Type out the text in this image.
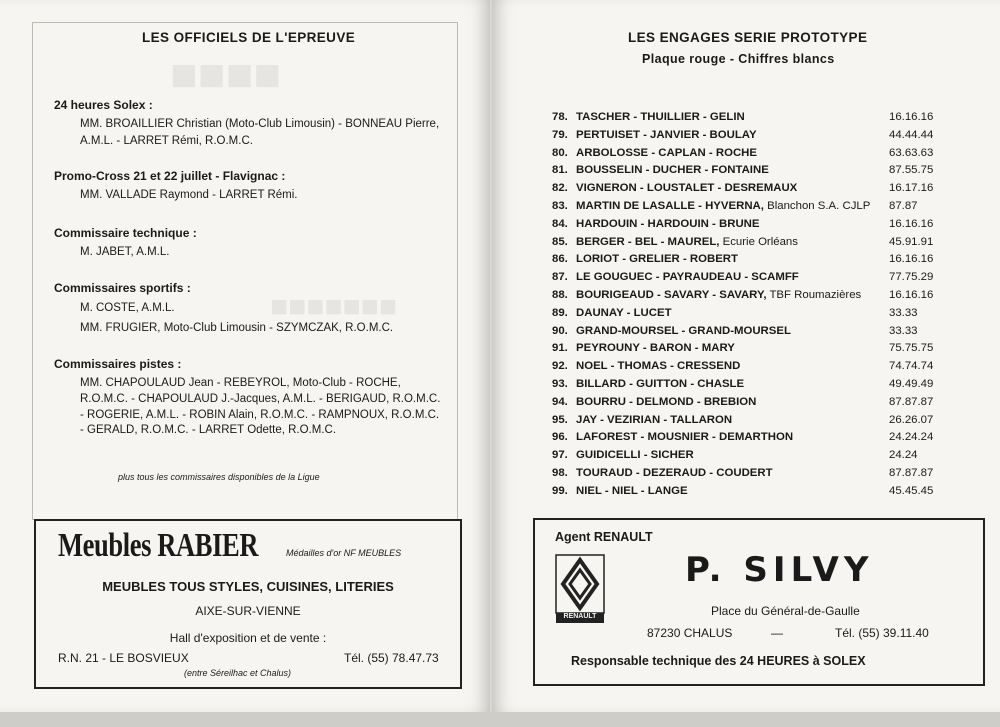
■■■■
■■■■■■■
LES OFFICIELS DE L'EPREUVE
24 heures Solex :
MM. BROAILLIER Christian (Moto-Club Limousin) - BONNEAU Pierre, A.M.L. - LARRET Rémi, R.O.M.C.
Promo-Cross 21 et 22 juillet - Flavignac :
MM. VALLADE Raymond - LARRET Rémi.
Commissaire technique :
M. JABET, A.M.L.
Commissaires sportifs :
M. COSTE, A.M.L.
MM. FRUGIER, Moto-Club Limousin - SZYMCZAK, R.O.M.C.
Commissaires pistes :
MM. CHAPOULAUD Jean - REBEYROL, Moto-Club - ROCHE, R.O.M.C. - CHAPOULAUD J.-Jacques, A.M.L. - BERIGAUD, R.O.M.C. - ROGERIE, A.M.L. - ROBIN Alain, R.O.M.C. - RAMPNOUX, R.O.M.C. - GERALD, R.O.M.C. - LARRET Odette, R.O.M.C.
plus tous les commissaires disponibles de la Ligue
Meubles RABIER	Médailles d'or NF MEUBLES
MEUBLES TOUS STYLES, CUISINES, LITERIES
AIXE-SUR-VIENNE
Hall d'exposition et de vente :
R.N. 21 - LE BOSVIEUX	Tél. (55) 78.47.73
(entre Séreilhac et Chalus)
LES ENGAGES SERIE PROTOTYPE
Plaque rouge - Chiffres blancs
Agent RENAULT
RENAULT
P. SILVY
Place du Général-de-Gaulle
87230 CHALUS	—	Tél. (55) 39.11.40
Responsable technique des 24 HEURES à SOLEX
78. TASCHER - THUILLIER - GELIN	16.16.16
79. PERTUISET - JANVIER - BOULAY	44.44.44
80. ARBOLOSSE - CAPLAN - ROCHE	63.63.63
81. BOUSSELIN - DUCHER - FONTAINE	87.55.75
82. VIGNERON - LOUSTALET - DESREMAUX	16.17.16
83. MARTIN DE LASALLE - HYVERNA, Blanchon S.A. CJLP 87.87
84. HARDOUIN - HARDOUIN - BRUNE	16.16.16
85. BERGER - BEL - MAUREL, Ecurie Orléans	45.91.91
86. LORIOT - GRELIER - ROBERT	16.16.16
87. LE GOUGUEC - PAYRAUDEAU - SCAMFF	77.75.29
88. BOURIGEAUD - SAVARY - SAVARY, TBF Roumazières 16.16.16
89. DAUNAY - LUCET	33.33
90. GRAND-MOURSEL - GRAND-MOURSEL	33.33
91. PEYROUNY - BARON - MARY	75.75.75
92. NOEL - THOMAS - CRESSEND	74.74.74
93. BILLARD - GUITTON - CHASLE	49.49.49
94. BOURRU - DELMOND - BREBION	87.87.87
95. JAY - VEZIRIAN - TALLARON	26.26.07
96. LAFOREST - MOUSNIER - DEMARTHON	24.24.24
97. GUIDICELLI - SICHER	24.24
98. TOURAUD - DEZERAUD - COUDERT	87.87.87
99. NIEL - NIEL - LANGE	45.45.45
